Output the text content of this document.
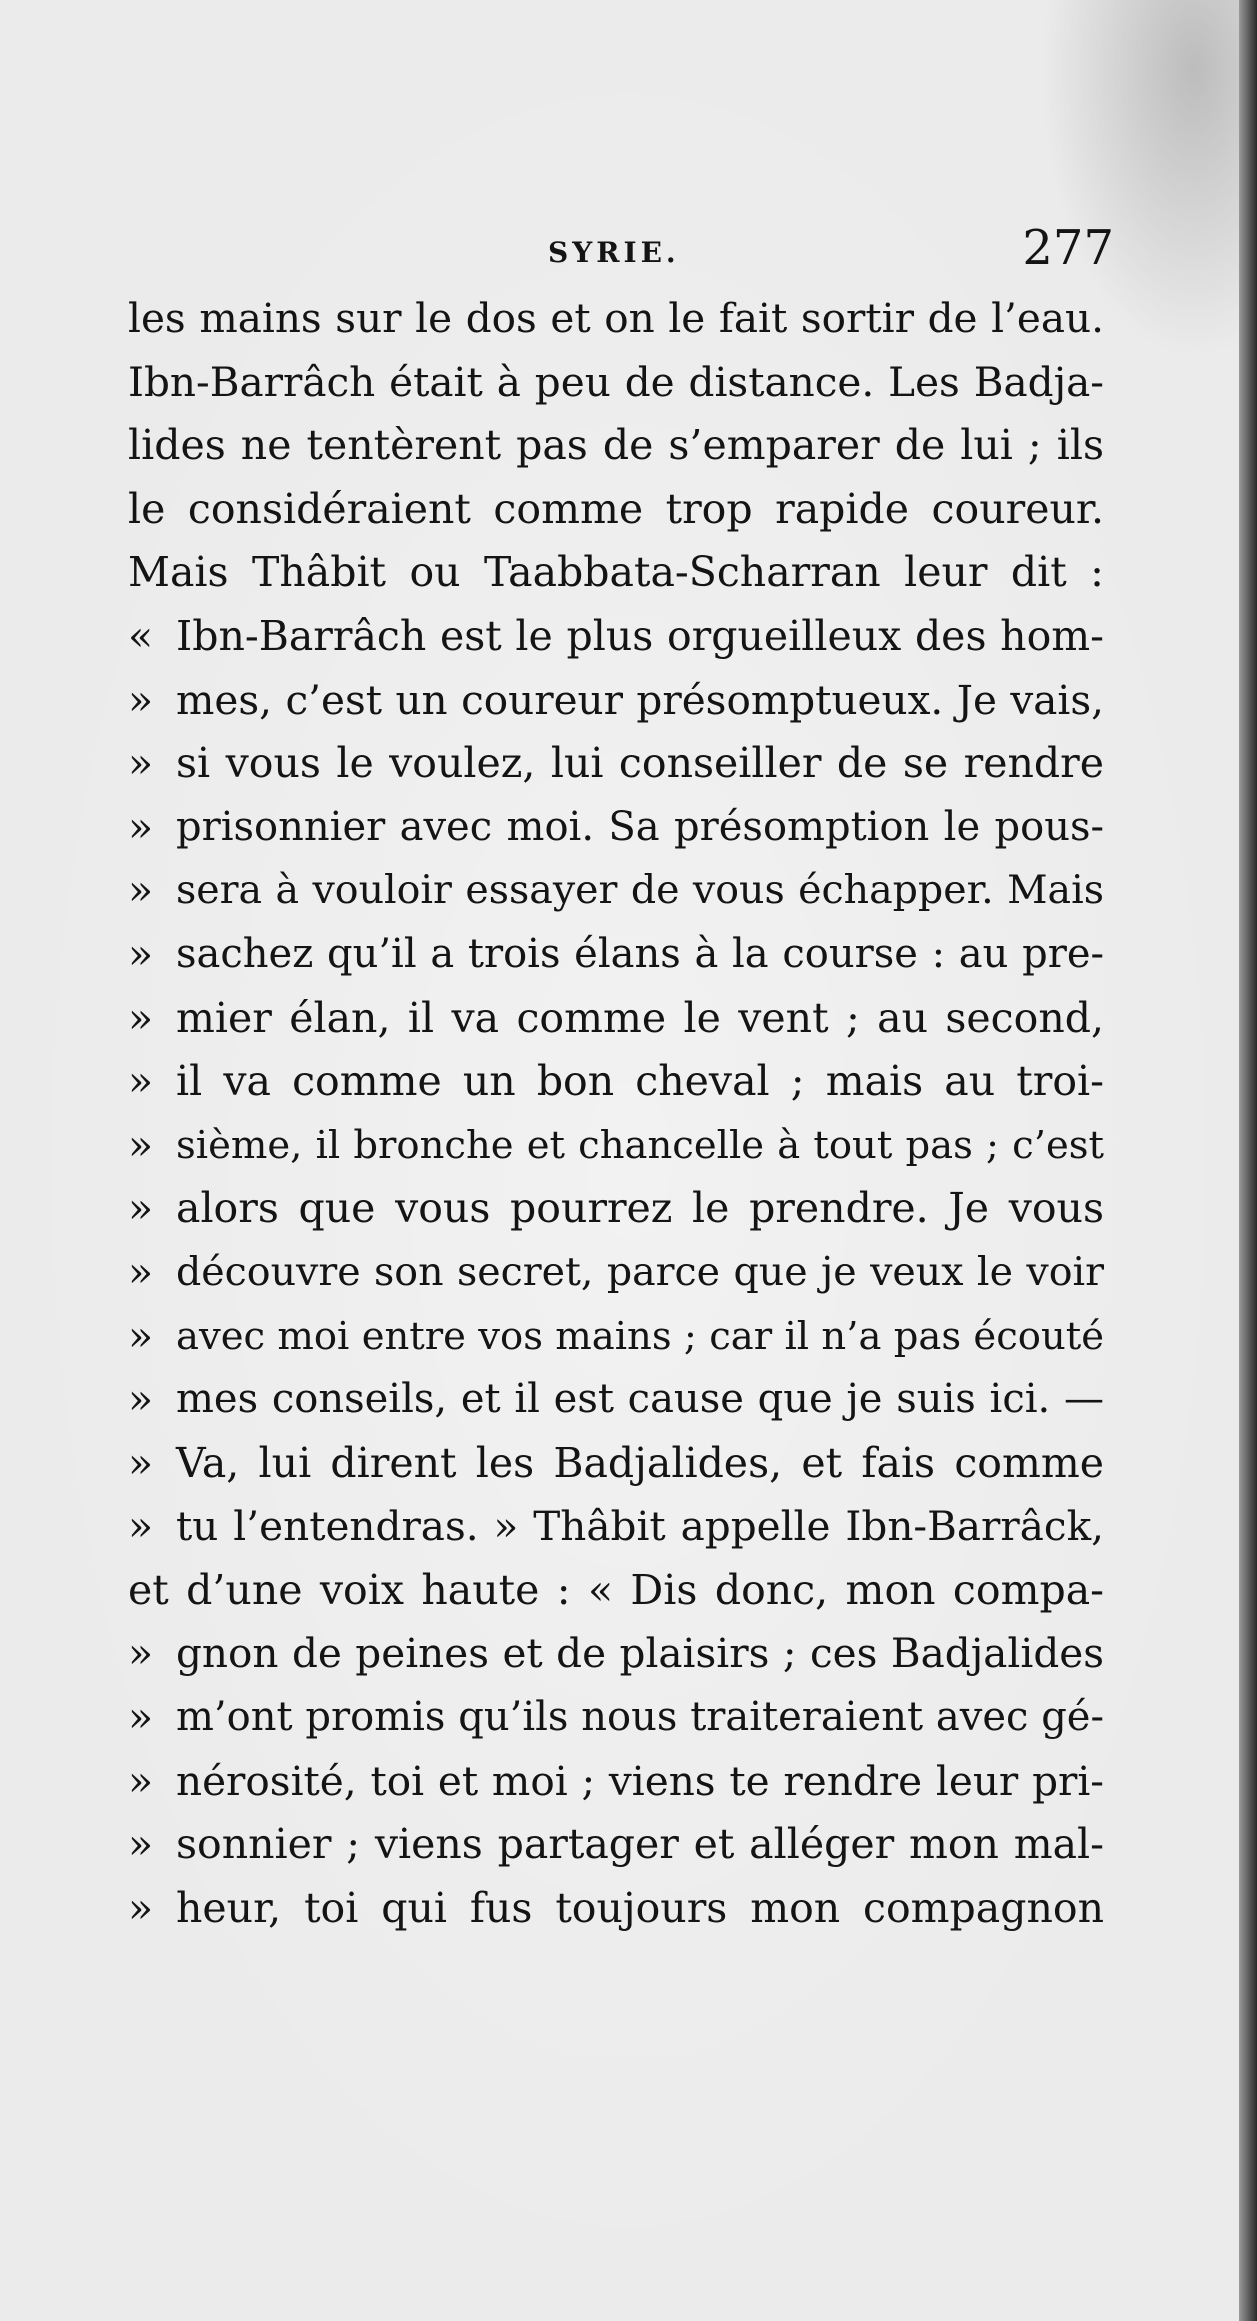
SYRIE.	277
les mains sur le dos et on le fait sortir de l’eau.
Ibn-Barrâch était à peu de distance. Les Badja-
lides ne tentèrent pas de s’emparer de lui ; ils
le considéraient comme trop rapide coureur.
Mais Thâbit ou Taabbata-Scharran leur dit :
« Ibn-Barrâch est le plus orgueilleux des hom-
» mes, c’est un coureur présomptueux. Je vais,
» si vous le voulez, lui conseiller de se rendre
» prisonnier avec moi. Sa présomption le pous-
» sera à vouloir essayer de vous échapper. Mais
» sachez qu’il a trois élans à la course : au pre-
» mier élan, il va comme le vent ; au second,
» il va comme un bon cheval ; mais au troi-
» sième, il bronche et chancelle à tout pas ; c’est
» alors que vous pourrez le prendre. Je vous
» découvre son secret, parce que je veux le voir
» avec moi entre vos mains ; car il n’a pas écouté
» mes conseils, et il est cause que je suis ici. —
» Va, lui dirent les Badjalides, et fais comme
» tu l’entendras. » Thâbit appelle Ibn-Barrâck,
et d’une voix haute : « Dis donc, mon compa-
» gnon de peines et de plaisirs ; ces Badjalides
» m’ont promis qu’ils nous traiteraient avec gé-
» nérosité, toi et moi ; viens te rendre leur pri-
» sonnier ; viens partager et alléger mon mal-
» heur, toi qui fus toujours mon compagnon
